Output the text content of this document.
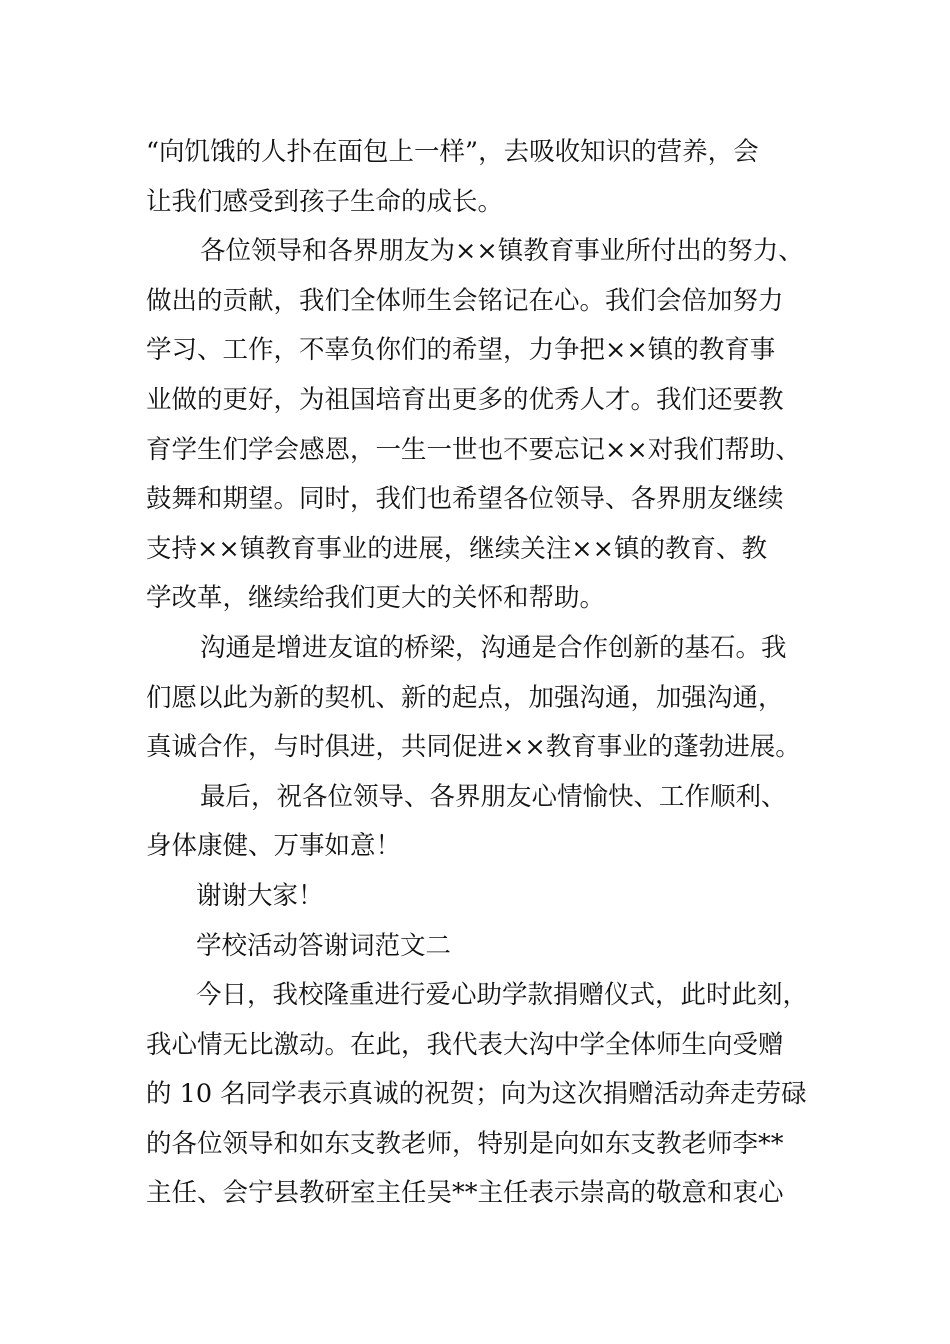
“向饥饿的人扑在面包上一样”，去吸收知识的营养，会
让我们感受到孩子生命的成长。
各位领导和各界朋友为××镇教育事业所付出的努力、
做出的贡献，我们全体师生会铭记在心。我们会倍加努力
学习、工作，不辜负你们的希望，力争把××镇的教育事
业做的更好，为祖国培育出更多的优秀人才。我们还要教
育学生们学会感恩，一生一世也不要忘记××对我们帮助、
鼓舞和期望。同时，我们也希望各位领导、各界朋友继续
支持××镇教育事业的进展，继续关注××镇的教育、教
学改革，继续给我们更大的关怀和帮助。
沟通是增进友谊的桥梁，沟通是合作创新的基石。我
们愿以此为新的契机、新的起点，加强沟通，加强沟通，
真诚合作，与时俱进，共同促进××教育事业的蓬勃进展。
最后，祝各位领导、各界朋友心情愉快、工作顺利、
身体康健、万事如意！
谢谢大家！
学校活动答谢词范文二
今日，我校隆重进行爱心助学款捐赠仪式，此时此刻，
我心情无比激动。在此，我代表大沟中学全体师生向受赠
的 10 名同学表示真诚的祝贺；向为这次捐赠活动奔走劳碌
的各位领导和如东支教老师，特别是向如东支教老师李**
主任、会宁县教研室主任吴**主任表示崇高的敬意和衷心
